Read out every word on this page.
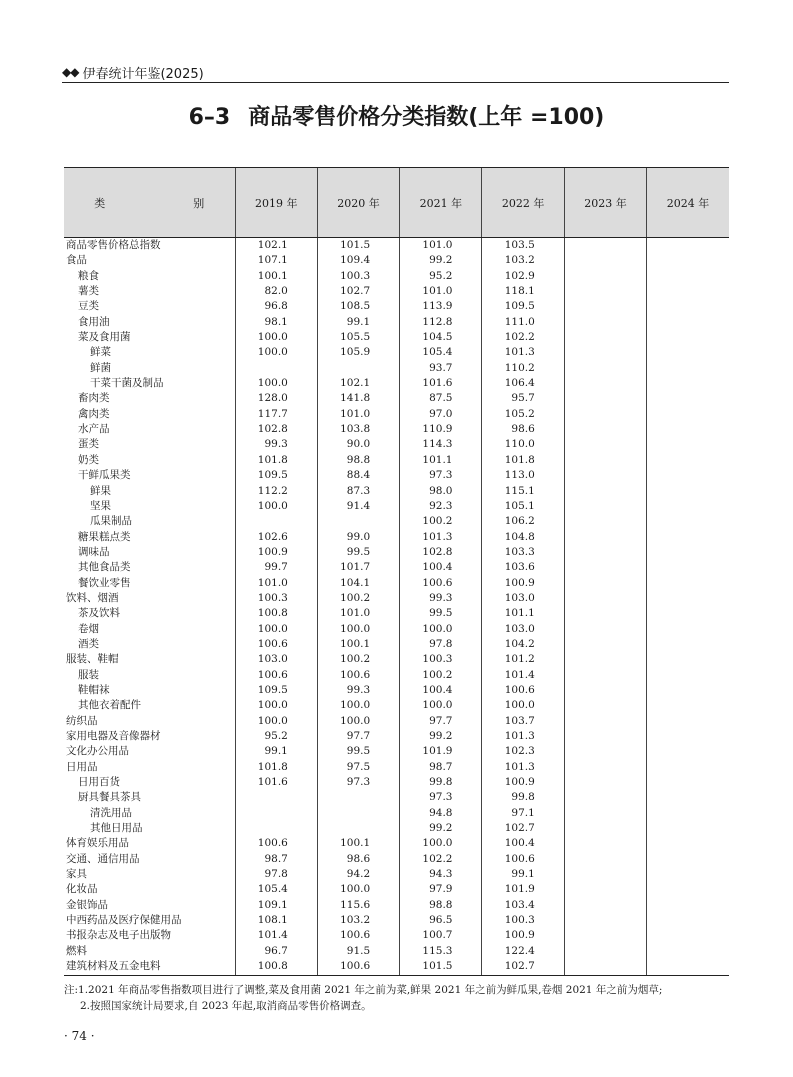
◆◆ 伊春统计年鉴(2025)
6–3 商品零售价格分类指数(上年 =100)
类　　别	2019 年	2020 年	2021 年	2022 年	2023 年	2024 年
商品零售价格总指数	102.1	101.5	101.0	103.5		
食品	107.1	109.4	99.2	103.2		
粮食	100.1	100.3	95.2	102.9		
薯类	82.0	102.7	101.0	118.1		
豆类	96.8	108.5	113.9	109.5		
食用油	98.1	99.1	112.8	111.0		
菜及食用菌	100.0	105.5	104.5	102.2		
鲜菜	100.0	105.9	105.4	101.3		
鲜菌			93.7	110.2		
干菜干菌及制品	100.0	102.1	101.6	106.4		
畜肉类	128.0	141.8	87.5	95.7		
禽肉类	117.7	101.0	97.0	105.2		
水产品	102.8	103.8	110.9	98.6		
蛋类	99.3	90.0	114.3	110.0		
奶类	101.8	98.8	101.1	101.8		
干鲜瓜果类	109.5	88.4	97.3	113.0		
鲜果	112.2	87.3	98.0	115.1		
坚果	100.0	91.4	92.3	105.1		
瓜果制品			100.2	106.2		
糖果糕点类	102.6	99.0	101.3	104.8		
调味品	100.9	99.5	102.8	103.3		
其他食品类	99.7	101.7	100.4	103.6		
餐饮业零售	101.0	104.1	100.6	100.9		
饮料、烟酒	100.3	100.2	99.3	103.0		
茶及饮料	100.8	101.0	99.5	101.1		
卷烟	100.0	100.0	100.0	103.0		
酒类	100.6	100.1	97.8	104.2		
服装、鞋帽	103.0	100.2	100.3	101.2		
服装	100.6	100.6	100.2	101.4		
鞋帽袜	109.5	99.3	100.4	100.6		
其他衣着配件	100.0	100.0	100.0	100.0		
纺织品	100.0	100.0	97.7	103.7		
家用电器及音像器材	95.2	97.7	99.2	101.3		
文化办公用品	99.1	99.5	101.9	102.3		
日用品	101.8	97.5	98.7	101.3		
日用百货	101.6	97.3	99.8	100.9		
厨具餐具茶具			97.3	99.8		
清洗用品			94.8	97.1		
其他日用品			99.2	102.7		
体育娱乐用品	100.6	100.1	100.0	100.4		
交通、通信用品	98.7	98.6	102.2	100.6		
家具	97.8	94.2	94.3	99.1		
化妆品	105.4	100.0	97.9	101.9		
金银饰品	109.1	115.6	98.8	103.4		
中西药品及医疗保健用品	108.1	103.2	96.5	100.3		
书报杂志及电子出版物	101.4	100.6	100.7	100.9		
燃料	96.7	91.5	115.3	122.4		
建筑材料及五金电料	100.8	100.6	101.5	102.7		
注:1.2021 年商品零售指数项目进行了调整,菜及食用菌 2021 年之前为菜,鲜果 2021 年之前为鲜瓜果,卷烟 2021 年之前为烟草;
2.按照国家统计局要求,自 2023 年起,取消商品零售价格调查。
· 74 ·
